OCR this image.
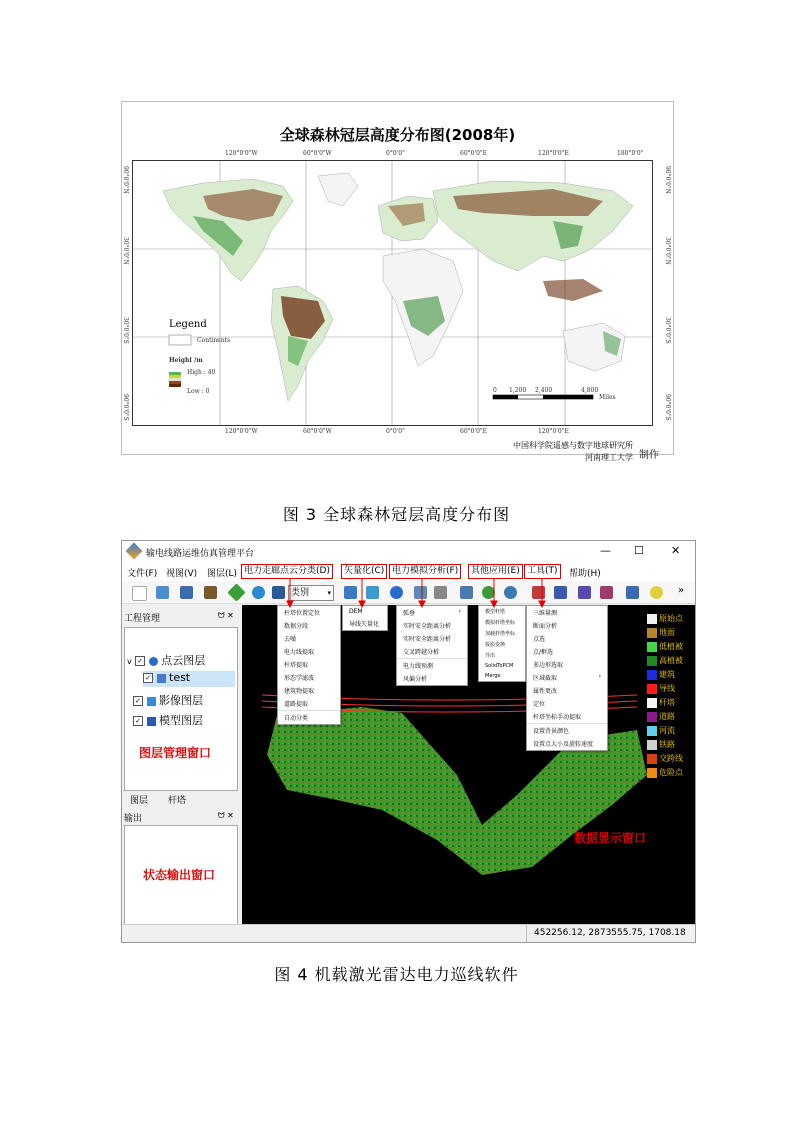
全球森林冠层高度分布图(2008年)
120°0'0"W	60°0'0"W	0°0'0"	60°0'0"E	120°0'0"E	180°0'0"
90°0'0"N
30°0'0"N
30°0'0"S
90°0'0"S
90°0'0"N
30°0'0"N
30°0'0"S
90°0'0"S
Legend
Continents
Height /m
High : 40
Low : 0	0 1,200 2,400	4,800
Miles
120°0'0"W	60°0'0"W	0°0'0"	60°0'0"E	120°0'0"E
中国科学院遥感与数字地球研究所
河南理工大学 制作
图 3 全球森林冠层高度分布图
输电线路运维仿真管理平台	— ☐ ✕
文件(F) 视图(V) 图层(L) 电力走廊点云分类(D)	矢量化(C) 电力模拟分析(F)	其他应用(E) 工具(T)	帮助(H)
类别	▾	»
工程管理	ᗢ ✕
v ✓ 点云图层
✓ test
✓ 影像图层
✓ 模型图层
图层管理窗口
图层 杆塔
输出	ᗢ ✕
状态输出窗口
原始点
地面
低植被
高植被
建筑
导线
杆塔
道路
河流
铁路
交跨线
危险点
数据显示窗口
杆塔位置定位
数据分段
去噪
电力线提取
杆塔提取
形态学滤波
建筑物提取
道路提取
自动分类
DEM
导线矢量化
弧垂	›
实时安全距离分析
实时安全距离分析
交叉跨越分析
电力线预测
风偏分析
模型杆塔
模拟杆塔坐标
加载杆塔坐标
投影变换
导出
SolidToPCM
Merge
三维量测
断面分析
点选
点/框选
多边形选取
区域截取	›
属性更改
定位
杆塔坐标手动提取
设置背景颜色
设置点大小及旋转速度
452256.12, 2873555.75, 1708.18
图 4 机载激光雷达电力巡线软件
